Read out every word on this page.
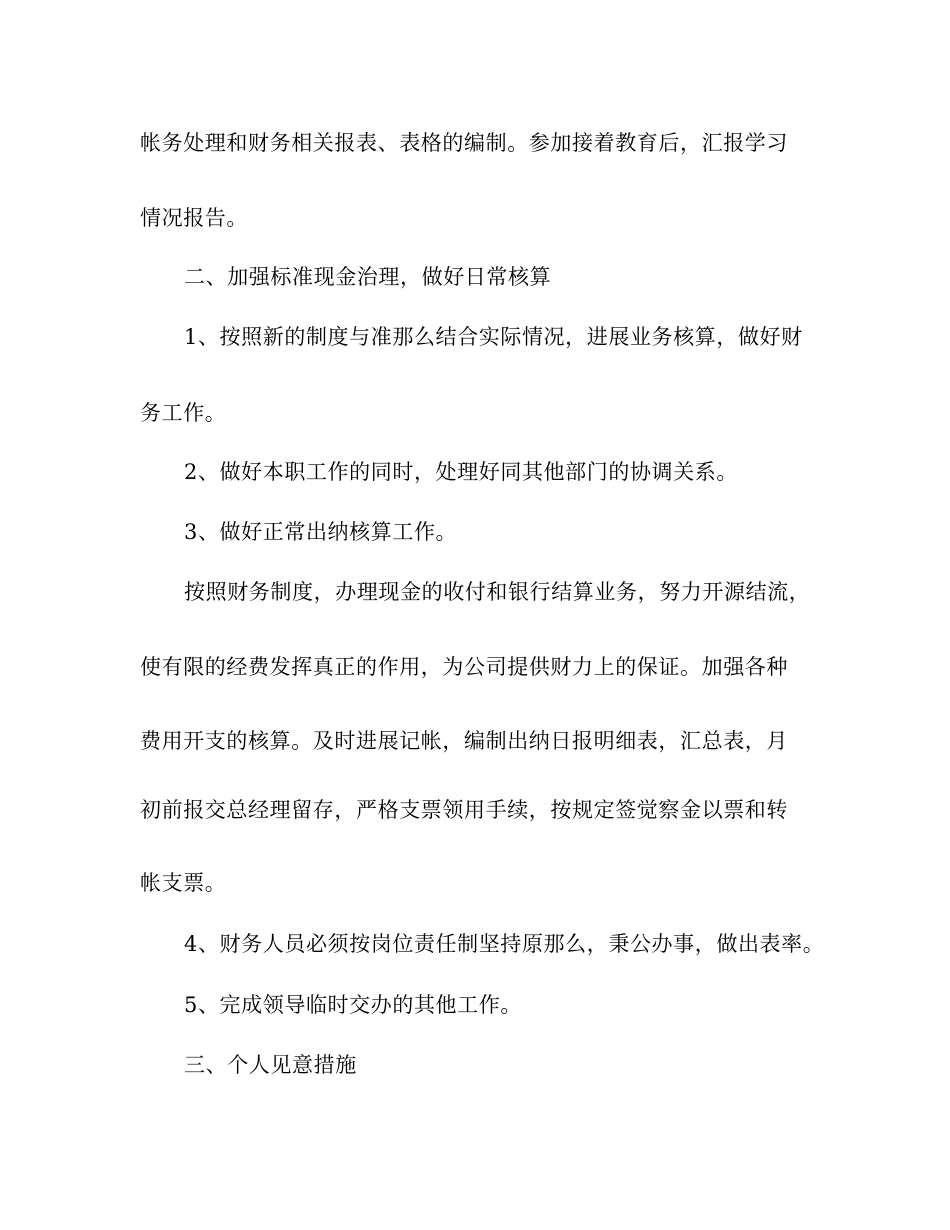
帐务处理和财务相关报表、表格的编制。参加接着教育后，汇报学习
情况报告。
二、加强标准现金治理，做好日常核算
1、按照新的制度与准那么结合实际情况，进展业务核算，做好财
务工作。
2、做好本职工作的同时，处理好同其他部门的协调关系。
3、做好正常出纳核算工作。
按照财务制度，办理现金的收付和银行结算业务，努力开源结流，
使有限的经费发挥真正的作用，为公司提供财力上的保证。加强各种
费用开支的核算。及时进展记帐，编制出纳日报明细表，汇总表，月
初前报交总经理留存，严格支票领用手续，按规定签觉察金以票和转
帐支票。
4、财务人员必须按岗位责任制坚持原那么，秉公办事，做出表率。
5、完成领导临时交办的其他工作。
三、个人见意措施
